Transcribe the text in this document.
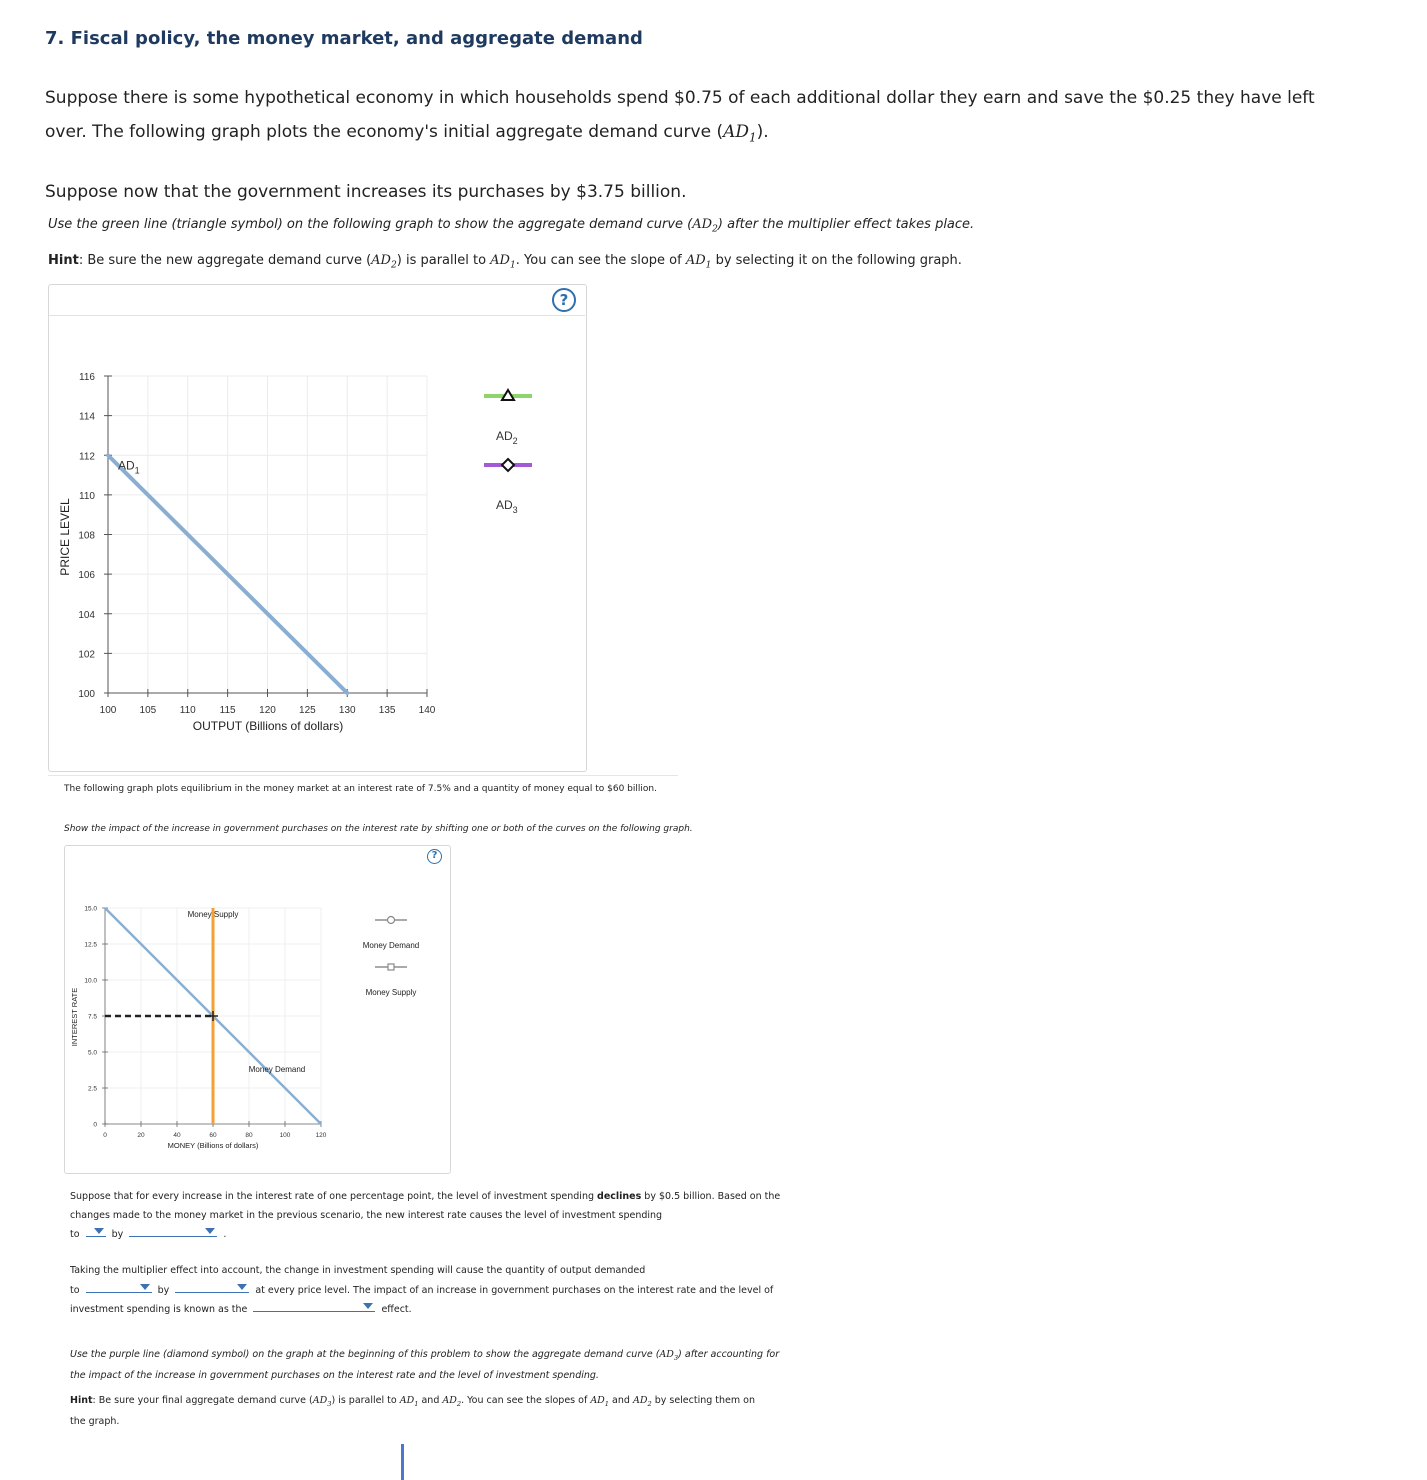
7. Fiscal policy, the money market, and aggregate demand
Suppose there is some hypothetical economy in which households spend $0.75 of each additional dollar they earn and save the $0.25 they have left
over. The following graph plots the economy's initial aggregate demand curve $(AD_1)$.
Suppose now that the government increases its purchases by $3.75 billion.
Use the green line (triangle symbol) on the following graph to show the aggregate demand curve $(AD_2)$ after the multiplier effect takes place.
Hint: Be sure the new aggregate demand curve $(AD_2)$ is parallel to $AD_1$. You can see the slope of $AD_1$ by selecting it on the following graph.
?
100
102
104
106
108
110
112
114
116
100 105 110 115 120 125 130 135 140
$AD_1$
OUTPUT (Billions of dollars)
PRICE LEVEL
$AD_2$
$AD_3$
The following graph plots equilibrium in the money market at an interest rate of 7.5% and a quantity of money equal to $60 billion.
Show the impact of the increase in government purchases on the interest rate by shifting one or both of the curves on the following graph.
?
0
2.5
5.0
7.5
10.0
12.5
15.0
0	20	40	60	80	100	120
Money Supply
Money Demand
MONEY (Billions of dollars)
INTEREST RATE
Money Demand
Money Supply
Suppose that for every increase in the interest rate of one percentage point, the level of investment spending declines by $0.5 billion. Based on the
changes made to the money market in the previous scenario, the new interest rate causes the level of investment spending
to	by	.
Taking the multiplier effect into account, the change in investment spending will cause the quantity of output demanded
to	by	at every price level. The impact of an increase in government purchases on the interest rate and the level of
investment spending is known as the	effect.
Use the purple line (diamond symbol) on the graph at the beginning of this problem to show the aggregate demand curve $(AD_3)$ after accounting for
the impact of the increase in government purchases on the interest rate and the level of investment spending.
Hint: Be sure your final aggregate demand curve $(AD_3)$ is parallel to $AD_1$ and $AD_2$. You can see the slopes of $AD_1$ and $AD_2$ by selecting them on
the graph.
